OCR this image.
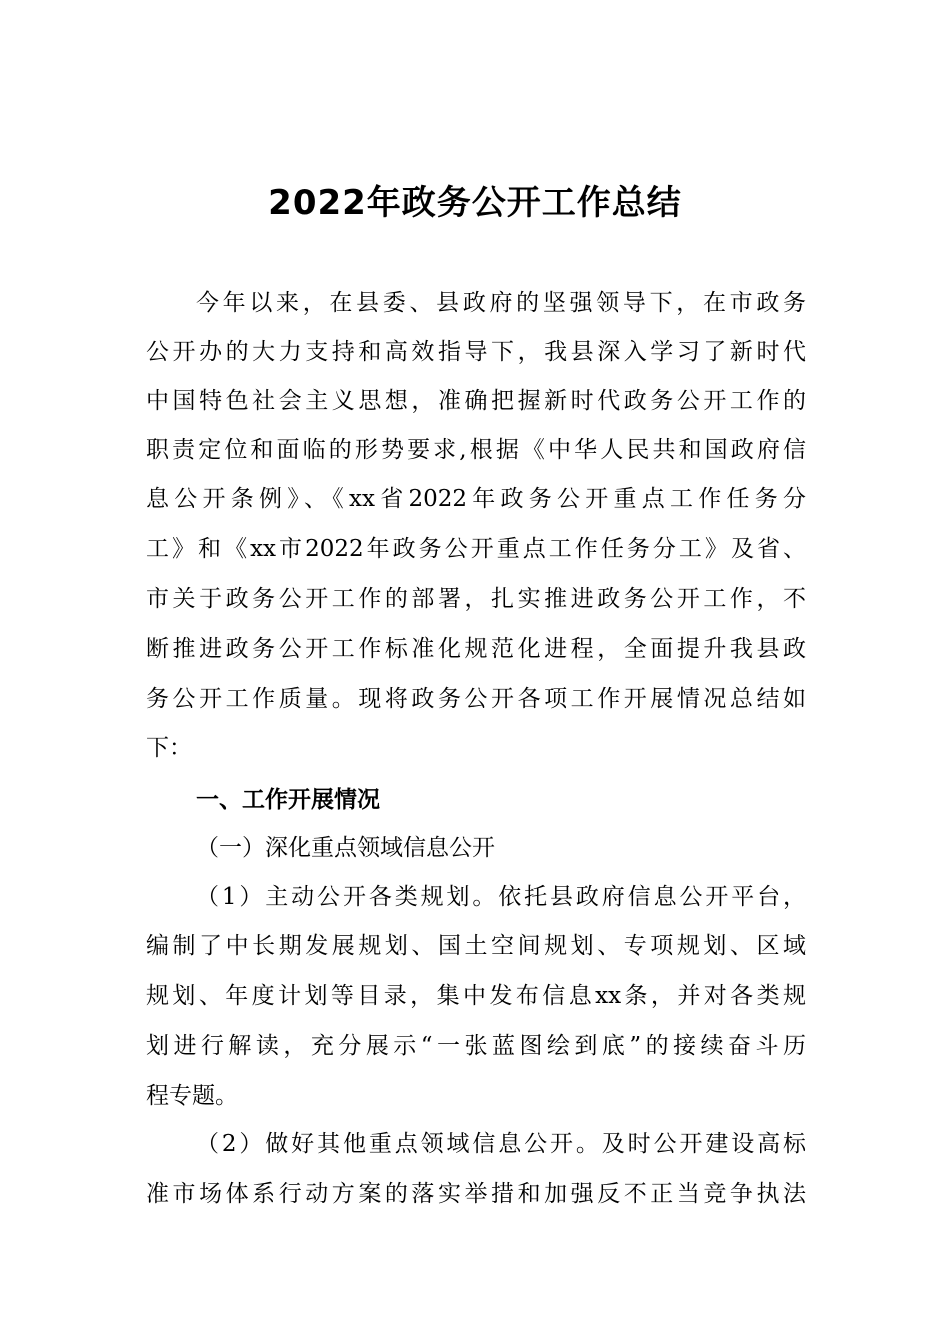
2022年政务公开工作总结
今年以来，在县委、县政府的坚强领导下，在市政务
公开办的大力支持和高效指导下，我县深入学习了新时代
中国特色社会主义思想，准确把握新时代政务公开工作的
职责定位和面临的形势要求,根据《中华人民共和国政府信
息公开条例》、《xx省2022年政务公开重点工作任务分
工》和《xx市2022年政务公开重点工作任务分工》及省、
市关于政务公开工作的部署，扎实推进政务公开工作，不
断推进政务公开工作标准化规范化进程，全面提升我县政
务公开工作质量。现将政务公开各项工作开展情况总结如
下：
一、工作开展情况
（一）深化重点领域信息公开
（1）主动公开各类规划。依托县政府信息公开平台，
编制了中长期发展规划、国土空间规划、专项规划、区域
规划、年度计划等目录，集中发布信息xx条，并对各类规
划进行解读，充分展示“一张蓝图绘到底”的接续奋斗历
程专题。
（2）做好其他重点领域信息公开。及时公开建设高标
准市场体系行动方案的落实举措和加强反不正当竞争执法
